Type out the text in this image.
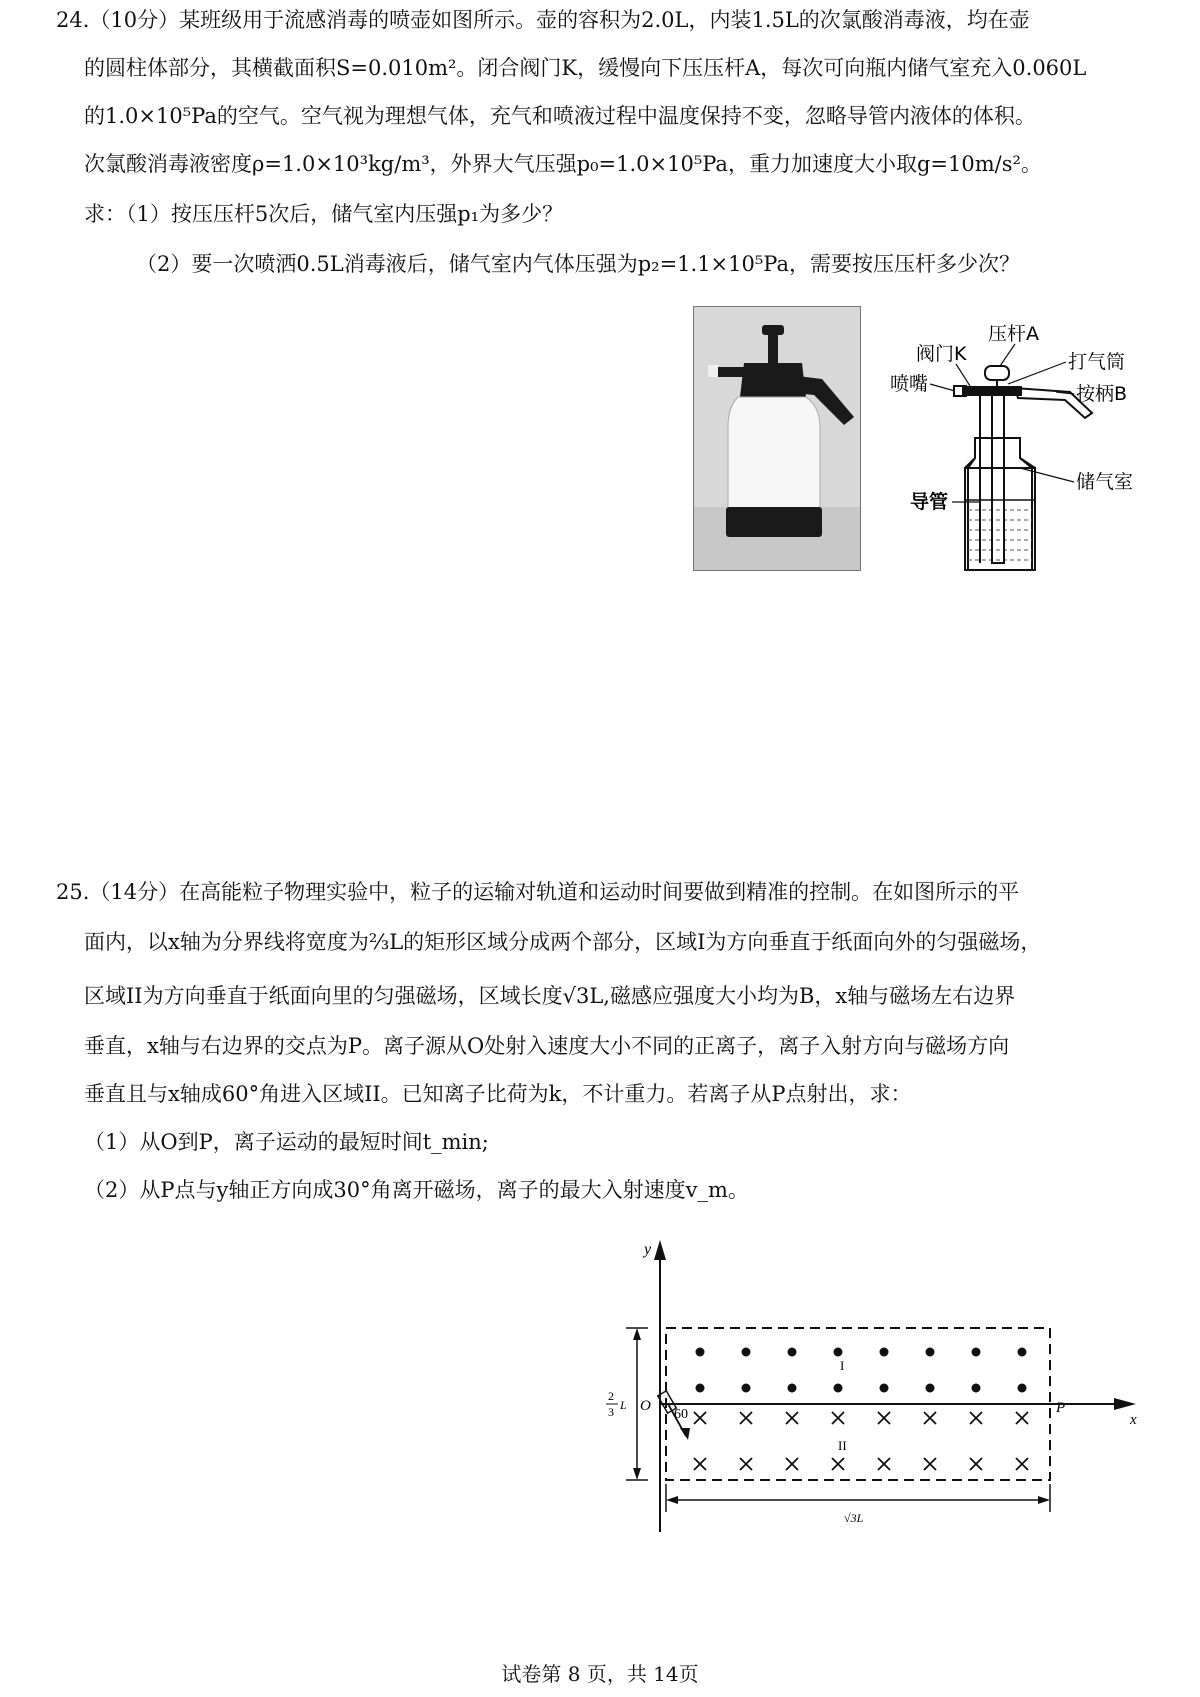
24.（10分）某班级用于流感消毒的喷壶如图所示。壶的容积为2.0L，内装1.5L的次氯酸消毒液，均在壶
的圆柱体部分，其横截面积S=0.010m²。闭合阀门K，缓慢向下压压杆A，每次可向瓶内储气室充入0.060L
的1.0×10⁵Pa的空气。空气视为理想气体，充气和喷液过程中温度保持不变，忽略导管内液体的体积。
次氯酸消毒液密度ρ=1.0×10³kg/m³，外界大气压强p₀=1.0×10⁵Pa，重力加速度大小取g=10m/s²。
求：（1）按压压杆5次后，储气室内压强p₁为多少？
（2）要一次喷洒0.5L消毒液后，储气室内气体压强为p₂=1.1×10⁵Pa，需要按压压杆多少次？
压杆A
阀门K	打气筒
喷嘴	按柄B
储气室
导管
25.（14分）在高能粒子物理实验中，粒子的运输对轨道和运动时间要做到精准的控制。在如图所示的平
面内，以x轴为分界线将宽度为⅔L的矩形区域分成两个部分，区域I为方向垂直于纸面向外的匀强磁场，
区域II为方向垂直于纸面向里的匀强磁场，区域长度√3L,磁感应强度大小均为B，x轴与磁场左右边界
垂直，x轴与右边界的交点为P。离子源从O处射入速度大小不同的正离子，离子入射方向与磁场方向
垂直且与x轴成60°角进入区域II。已知离子比荷为k，不计重力。若离子从P点射出，求：
（1）从O到P，离子运动的最短时间t_min;
（2）从P点与y轴正方向成30°角离开磁场，离子的最大入射速度v_m。
y
x
2
3 L O	P
60
I
II
√3L
试卷第 8 页，共 14页
